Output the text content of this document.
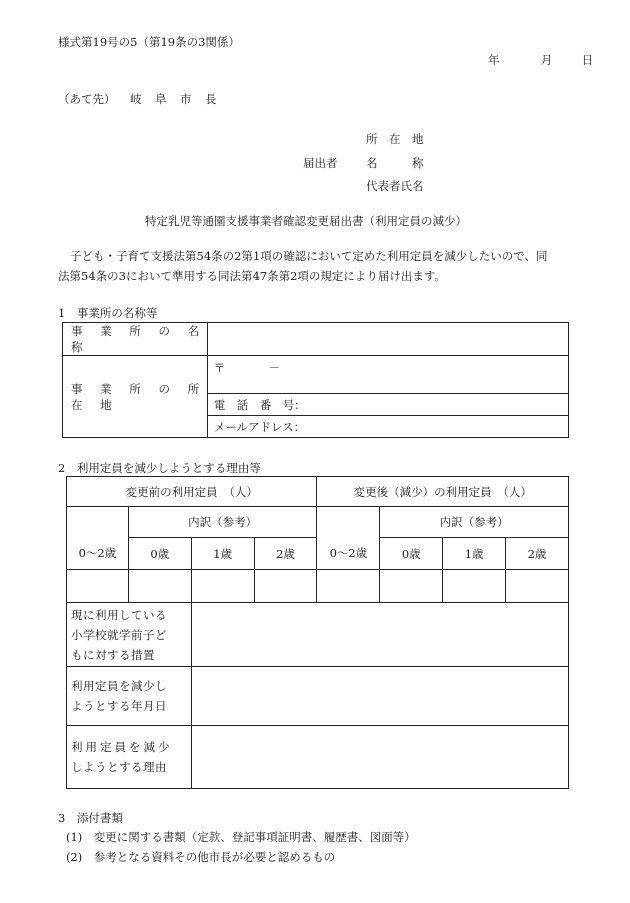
様式第19号の5（第19条の3関係）
年	月	日
（あて先） 岐　阜　市　長
所　在　地
届出者 名　　　称
代表者氏名
特定乳児等通園支援事業者確認変更届出書（利用定員の減少）
子ども・子育て支援法第54条の2第1項の確認において定めた利用定員を減少したいので、同
法第54条の3において準用する同法第47条第2項の規定により届け出ます。
1　事業所の名称等
事 業 所 の 名 称	
事 業 所 の 所 在 地	〒 －
	電　話　番　号：
	メールアドレス：
2　利用定員を減少しようとする理由等
変更前の利用定員　（人）				変更後（減少）の利用定員　（人）			
	内訳（参考）				内訳（参考）		
0～2歳	0歳	1歳	2歳	0～2歳	0歳	1歳	2歳

現に利用している
小学校就学前子ど
もに対する措置							

利用定員を減少し
ようとする年月日							

利用定員を減少
しようとする理由							

3　添付書類
(1)　変更に関する書類（定款、登記事項証明書、履歴書、図面等）
(2)　参考となる資料その他市長が必要と認めるもの
